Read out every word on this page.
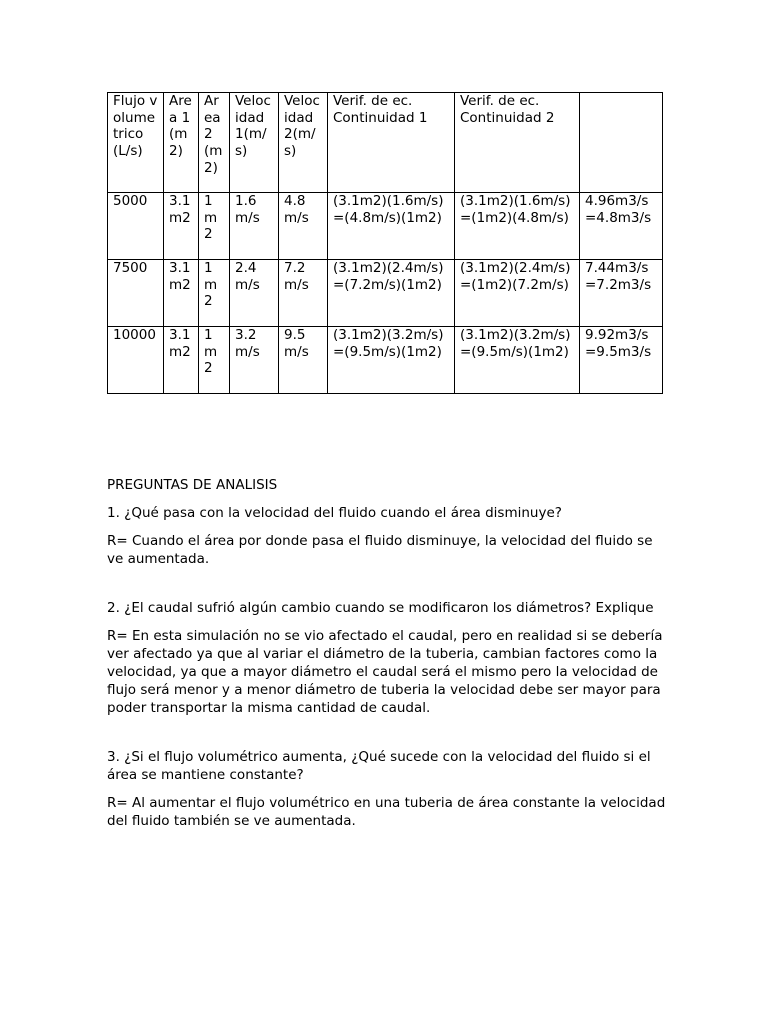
Flujo volumetrico (L/s)	Area 1 (m2)	Area 2 (m2)	Velocidad 1(m/s)	Velocidad 2(m/s)	Verif. de ec. Continuidad 1	Verif. de ec. Continuidad 2	
5000	3.1m2	1m2	1.6 m/s	4.8 m/s	(3.1m2)(1.6m/s)=(4.8m/s)(1m2)	(3.1m2)(1.6m/s)=(1m2)(4.8m/s)	4.96m3/s=4.8m3/s
7500	3.1m2	1m2	2.4 m/s	7.2 m/s	(3.1m2)(2.4m/s)=(7.2m/s)(1m2)	(3.1m2)(2.4m/s)=(1m2)(7.2m/s)	7.44m3/s=7.2m3/s
10000	3.1m2	1m2	3.2 m/s	9.5 m/s	(3.1m2)(3.2m/s)=(9.5m/s)(1m2)	(3.1m2)(3.2m/s)=(9.5m/s)(1m2)	9.92m3/s=9.5m3/s

PREGUNTAS DE ANALISIS

1. ¿Qué pasa con la velocidad del fluido cuando el área disminuye?

R= Cuando el área por donde pasa el fluido disminuye, la velocidad del fluido se ve aumentada.

2. ¿El caudal sufrió algún cambio cuando se modificaron los diámetros? Explique

R= En esta simulación no se vio afectado el caudal, pero en realidad si se debería ver afectado ya que al variar el diámetro de la tuberia, cambian factores como la velocidad, ya que a mayor diámetro el caudal será el mismo pero la velocidad de flujo será menor y a menor diámetro de tuberia la velocidad debe ser mayor para poder transportar la misma cantidad de caudal.

3. ¿Si el flujo volumétrico aumenta, ¿Qué sucede con la velocidad del fluido si el área se mantiene constante?

R= Al aumentar el flujo volumétrico en una tuberia de área constante la velocidad del fluido también se ve aumentada.
